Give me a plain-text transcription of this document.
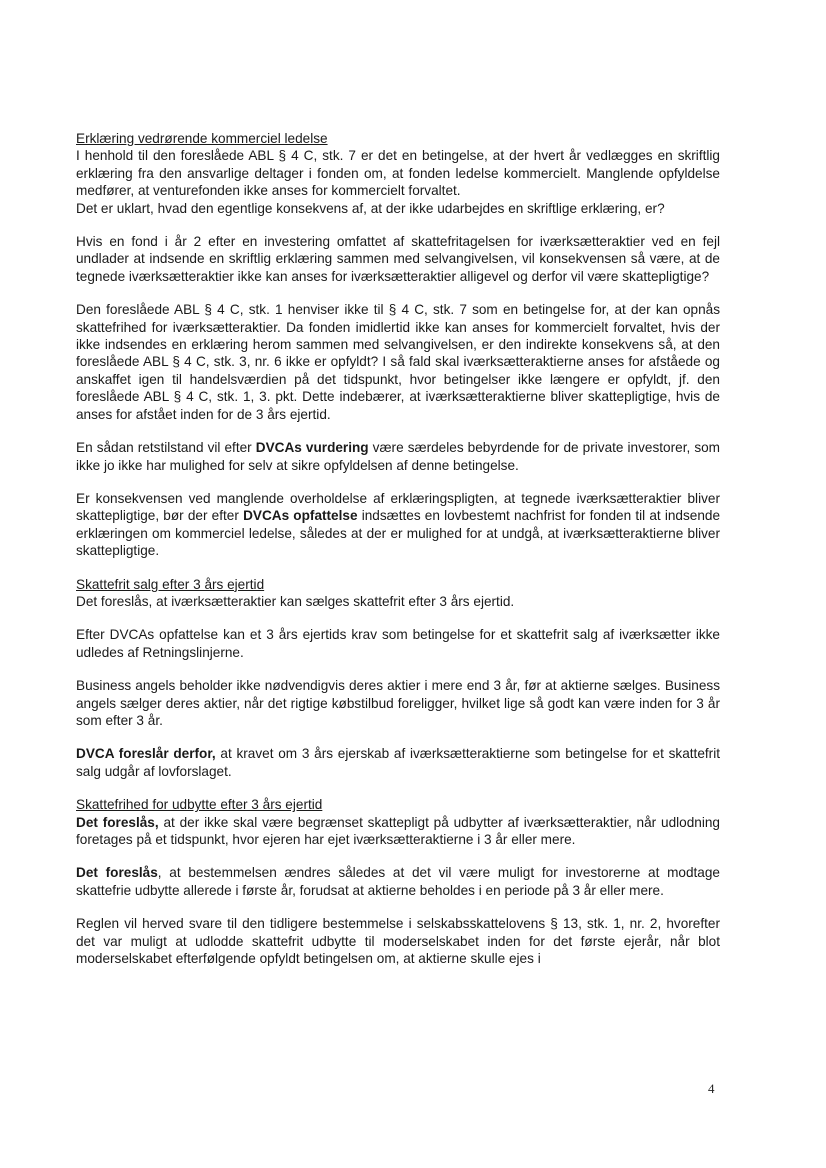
Erklæring vedrørende kommerciel ledelse

I henhold til den foreslåede ABL § 4 C, stk. 7 er det en betingelse, at der hvert år vedlægges en skriftlig erklæring fra den ansvarlige deltager i fonden om, at fonden ledelse kommercielt. Manglende opfyldelse medfører, at venturefonden ikke anses for kommercielt forvaltet.

Det er uklart, hvad den egentlige konsekvens af, at der ikke udarbejdes en skriftlige erklæring, er?

Hvis en fond i år 2 efter en investering omfattet af skattefritagelsen for iværksætteraktier ved en fejl undlader at indsende en skriftlig erklæring sammen med selvangivelsen, vil konsekvensen så være, at de tegnede iværksætteraktier ikke kan anses for iværksætteraktier alligevel og derfor vil være skattepligtige?

Den foreslåede ABL § 4 C, stk. 1 henviser ikke til § 4 C, stk. 7 som en betingelse for, at der kan opnås skattefrihed for iværksætteraktier. Da fonden imidlertid ikke kan anses for kommercielt forvaltet, hvis der ikke indsendes en erklæring herom sammen med selvangivelsen, er den indirekte konsekvens så, at den foreslåede ABL § 4 C, stk. 3, nr. 6 ikke er opfyldt? I så fald skal iværksætteraktierne anses for afståede og anskaffet igen til handelsværdien på det tidspunkt, hvor betingelser ikke længere er opfyldt, jf. den foreslåede ABL § 4 C, stk. 1, 3. pkt. Dette indebærer, at iværksætteraktierne bliver skattepligtige, hvis de anses for afstået inden for de 3 års ejertid.

En sådan retstilstand vil efter DVCAs vurdering være særdeles bebyrdende for de private investorer, som ikke jo ikke har mulighed for selv at sikre opfyldelsen af denne betingelse.

Er konsekvensen ved manglende overholdelse af erklæringspligten, at tegnede iværksætteraktier bliver skattepligtige, bør der efter DVCAs opfattelse indsættes en lovbestemt nachfrist for fonden til at indsende erklæringen om kommerciel ledelse, således at der er mulighed for at undgå, at iværksætteraktierne bliver skattepligtige.

Skattefrit salg efter 3 års ejertid

Det foreslås, at iværksætteraktier kan sælges skattefrit efter 3 års ejertid.

Efter DVCAs opfattelse kan et 3 års ejertids krav som betingelse for et skattefrit salg af iværksætter ikke udledes af Retningslinjerne.

Business angels beholder ikke nødvendigvis deres aktier i mere end 3 år, før at aktierne sælges. Business angels sælger deres aktier, når det rigtige købstilbud foreligger, hvilket lige så godt kan være inden for 3 år som efter 3 år.

DVCA foreslår derfor, at kravet om 3 års ejerskab af iværksætteraktierne som betingelse for et skattefrit salg udgår af lovforslaget.

Skattefrihed for udbytte efter 3 års ejertid

Det foreslås, at der ikke skal være begrænset skattepligt på udbytter af iværksætteraktier, når udlodning foretages på et tidspunkt, hvor ejeren har ejet iværksætteraktierne i 3 år eller mere.

Det foreslås, at bestemmelsen ændres således at det vil være muligt for investorerne at modtage skattefrie udbytte allerede i første år, forudsat at aktierne beholdes i en periode på 3 år eller mere.

Reglen vil herved svare til den tidligere bestemmelse i selskabsskattelovens § 13, stk. 1, nr. 2, hvorefter det var muligt at udlodde skattefrit udbytte til moderselskabet inden for det første ejerår, når blot moderselskabet efterfølgende opfyldt betingelsen om, at aktierne skulle ejes i

4
